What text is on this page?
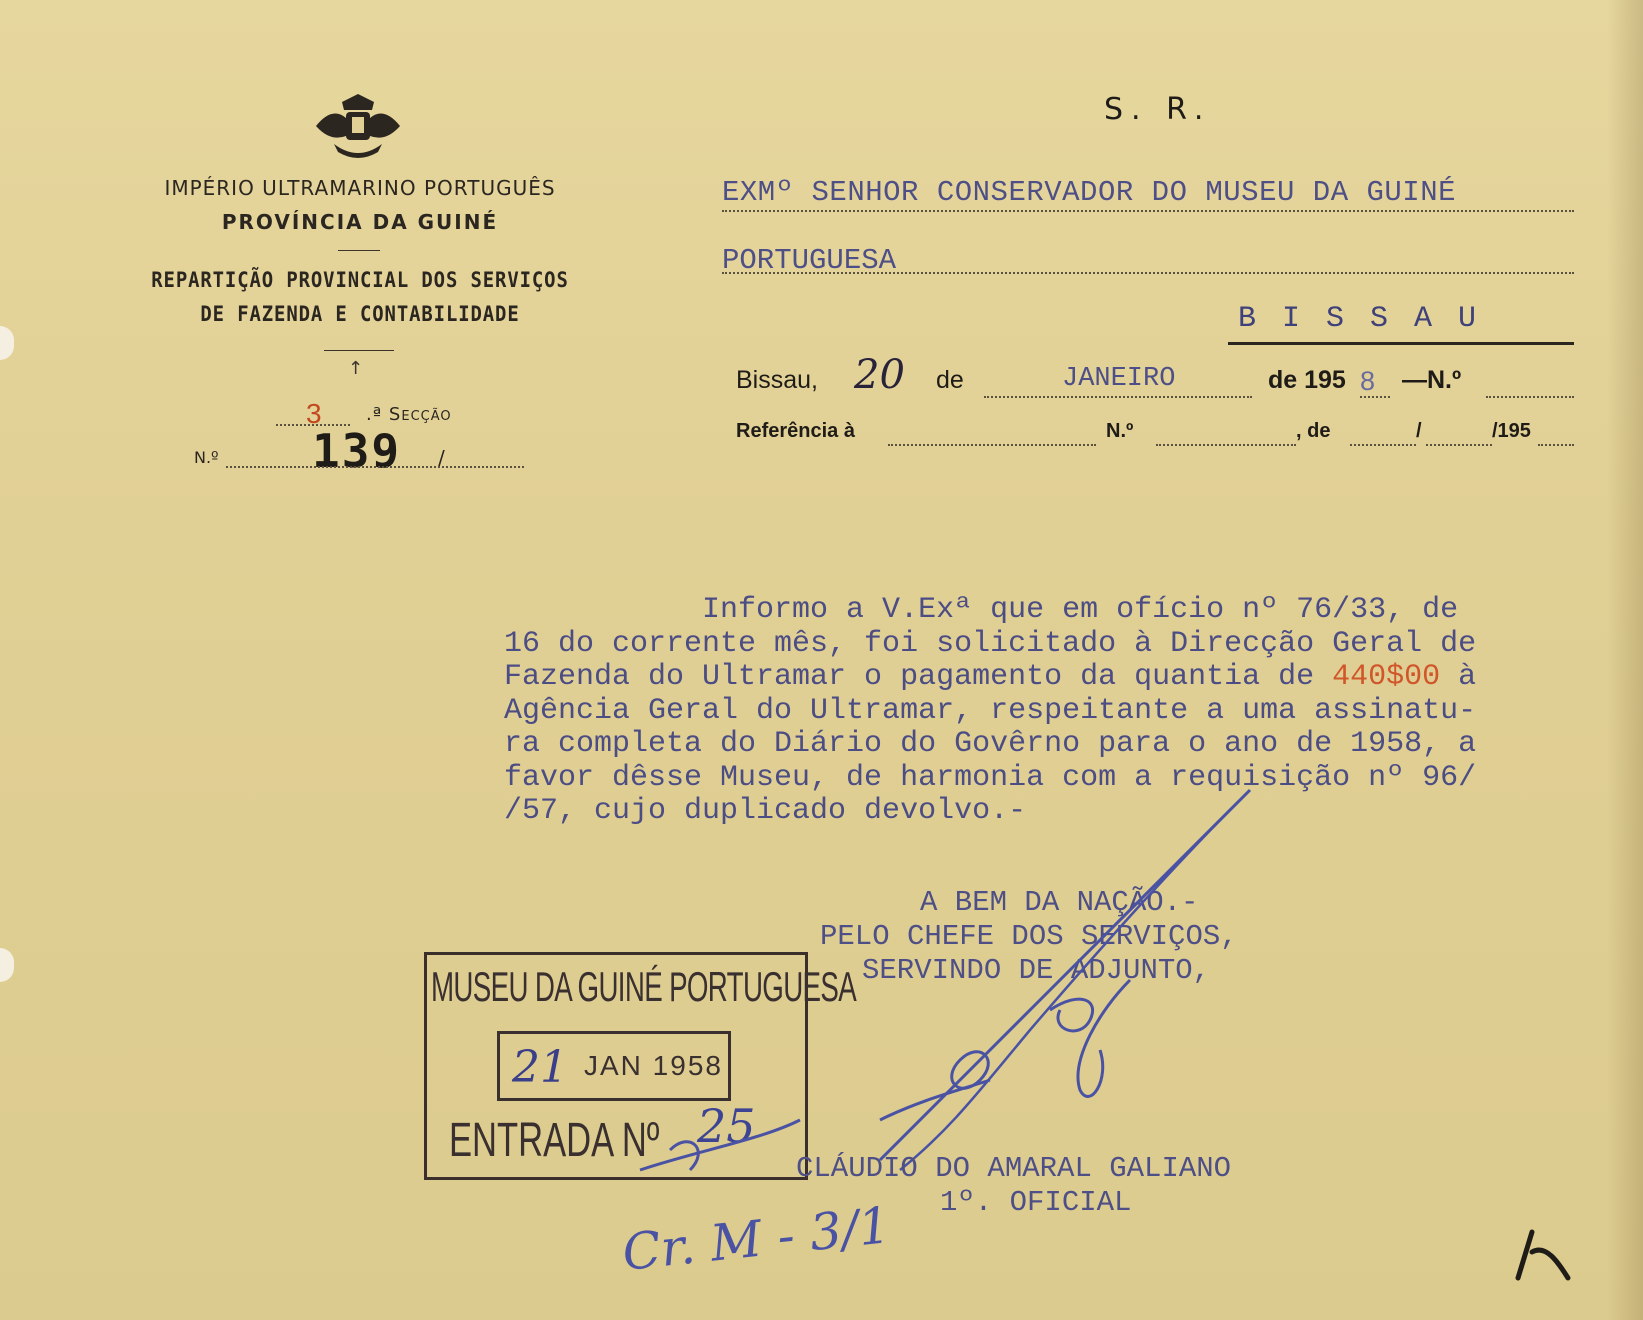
IMPÉRIO ULTRAMARINO PORTUGUÊS
PROVÍNCIA DA GUINÉ
REPARTIÇÃO PROVINCIAL DOS SERVIÇOS
DE FAZENDA E CONTABILIDADE
↑
3 .ª Secção
N.º 139 /
S. R.
EXMº SENHOR CONSERVADOR DO MUSEU DA GUINÉ
PORTUGUESA
BISSAU
Bissau, 20 de	JANEIRO	de 195 8 —N.º
Referência à	N.º	, de	/	/195
Informo a V.Exª que em ofício nº 76/33, de
16 do corrente mês, foi solicitado à Direcção Geral de
Fazenda do Ultramar o pagamento da quantia de 440$00 à
Agência Geral do Ultramar, respeitante a uma assinatu-
ra completa do Diário do Govêrno para o ano de 1958, a
favor dêsse Museu, de harmonia com a requisição nº 96/
/57, cujo duplicado devolvo.-
A BEM DA NAÇÃO.-
PELO CHEFE DOS SERVIÇOS,
SERVINDO DE ADJUNTO,
MUSEU DA GUINÉ PORTUGUESA
21 JAN 1958
ENTRADA Nº 25
CLÁUDIO DO AMARAL GALIANO
1º. OFICIAL
Cr. M - 3/1
